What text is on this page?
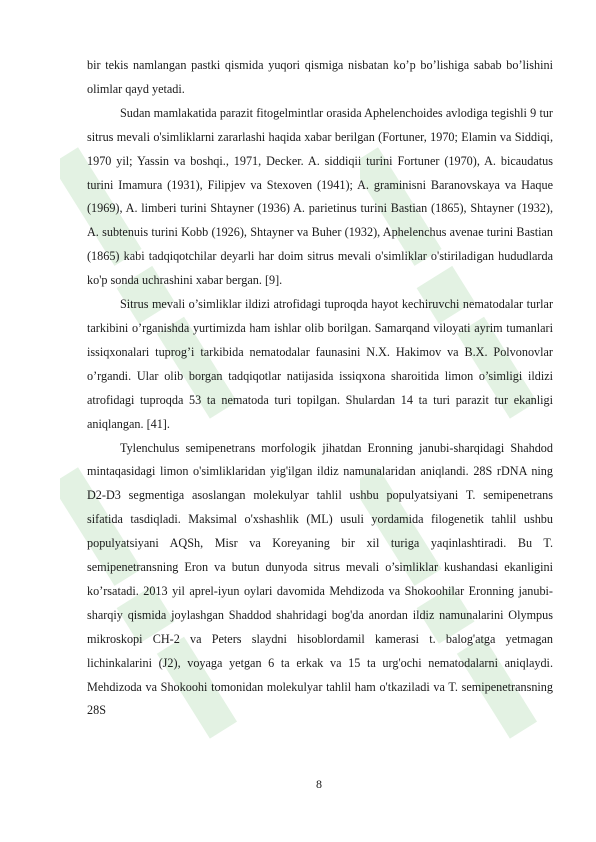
bir tekis namlangan pastki qismida yuqori qismiga nisbatan ko’p bo’lishiga sabab bo’lishini olimlar qayd yetadi.

Sudan mamlakatida parazit fitogelmintlar orasida Aphelenchoides avlodiga tegishli 9 tur sitrus mevali o'simliklarni zararlashi haqida xabar berilgan (Fortuner, 1970; Elamin va Siddiqi, 1970 yil; Yassin va boshqi., 1971, Decker. A. siddiqii turini Fortuner (1970), A. bicaudatus turini Imamura (1931), Filipjev va Stexoven (1941); A. graminisni Baranovskaya va Haque (1969), A. limberi turini Shtayner (1936) A. parietinus turini Bastian (1865), Shtayner (1932), A. subtenuis turini Kobb (1926), Shtayner va Buher (1932), Aphelenchus avenae turini Bastian (1865) kabi tadqiqotchilar deyarli har doim sitrus mevali o'simliklar o'stiriladigan hududlarda ko'p sonda uchrashini xabar bergan. [9].

Sitrus mevali o’simliklar ildizi atrofidagi tuproqda hayot kechiruvchi nematodalar turlar tarkibini o’rganishda yurtimizda ham ishlar olib borilgan. Samarqand viloyati ayrim tumanlari issiqxonalari tuprog’i tarkibida nematodalar faunasini N.X. Hakimov va B.X. Polvonovlar o’rgandi. Ular olib borgan tadqiqotlar natijasida issiqxona sharoitida limon o’simligi ildizi atrofidagi tuproqda 53 ta nematoda turi topilgan. Shulardan 14 ta turi parazit tur ekanligi aniqlangan. [41].

Tylenchulus semipenetrans morfologik jihatdan Eronning janubi-sharqidagi Shahdod mintaqasidagi limon o'simliklaridan yig'ilgan ildiz namunalaridan aniqlandi. 28S rDNA ning D2-D3 segmentiga asoslangan molekulyar tahlil ushbu populyatsiyani T. semipenetrans sifatida tasdiqladi. Maksimal o'xshashlik (ML) usuli yordamida filogenetik tahlil ushbu populyatsiyani AQSh, Misr va Koreyaning bir xil turiga yaqinlashtiradi. Bu T. semipenetransning Eron va butun dunyoda sitrus mevali o’simliklar kushandasi ekanligini ko’rsatadi. 2013 yil aprel-iyun oylari davomida Mehdizoda va Shokoohilar Eronning janubi-sharqiy qismida joylashgan Shaddod shahridagi bog'da anordan ildiz namunalarini Olympus mikroskopi CH-2 va Peters slaydni hisoblordamil kamerasi t. balog'atga yetmagan lichinkalarini (J2), voyaga yetgan 6 ta erkak va 15 ta urg'ochi nematodalarni aniqlaydi. Mehdizoda va Shokoohi tomonidan molekulyar tahlil ham o'tkaziladi va T. semipenetransning 28S

8
